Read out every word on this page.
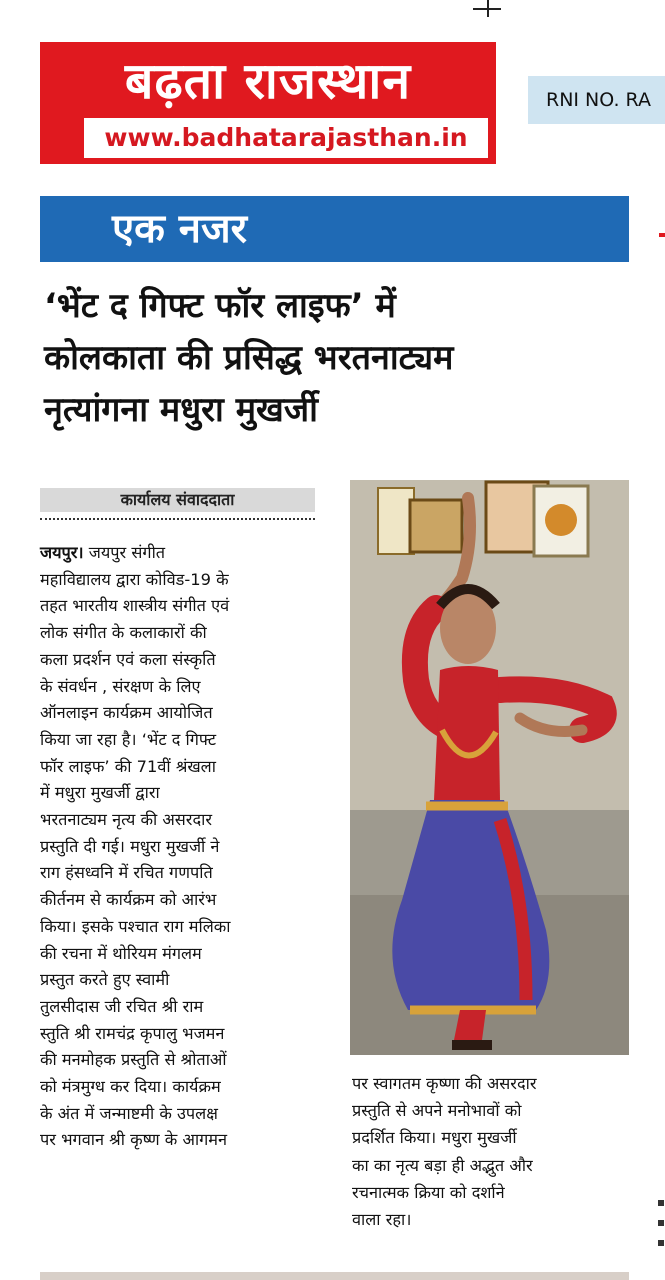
बढ़ता राजस्थान
www.badhatarajasthan.in
RNI NO. RA
एक नजर
‘भेंट द गिफ्ट फॉर लाइफ’ में
कोलकाता की प्रसिद्ध भरतनाट्यम
नृत्यांगना मधुरा मुखर्जी
कार्यालय संवाददाता
जयपुर। जयपुर संगीत
महाविद्यालय द्वारा कोविड-19 के
तहत भारतीय शास्त्रीय संगीत एवं
लोक संगीत के कलाकारों की
कला प्रदर्शन एवं कला संस्कृति
के संवर्धन , संरक्षण के लिए
ऑनलाइन कार्यक्रम आयोजित
किया जा रहा है। ‘भेंट द गिफ्ट
फॉर लाइफ’ की 71वीं श्रंखला
में मधुरा मुखर्जी द्वारा
भरतनाट्यम नृत्य की असरदार
प्रस्तुति दी गई। मधुरा मुखर्जी ने
राग हंसध्वनि में रचित गणपति
कीर्तनम से कार्यक्रम को आरंभ
किया। इसके पश्चात राग मलिका
की रचना में थोरियम मंगलम
प्रस्तुत करते हुए स्वामी
तुलसीदास जी रचित श्री राम
स्तुति श्री रामचंद्र कृपालु भजमन
की मनमोहक प्रस्तुति से श्रोताओं
को मंत्रमुग्ध कर दिया। कार्यक्रम
के अंत में जन्माष्टमी के उपलक्ष
पर भगवान श्री कृष्ण के आगमन
पर स्वागतम कृष्णा की असरदार
प्रस्तुति से अपने मनोभावों को
प्रदर्शित किया। मधुरा मुखर्जी
का का नृत्य बड़ा ही अद्भुत और
रचनात्मक क्रिया को दर्शाने
वाला रहा।
